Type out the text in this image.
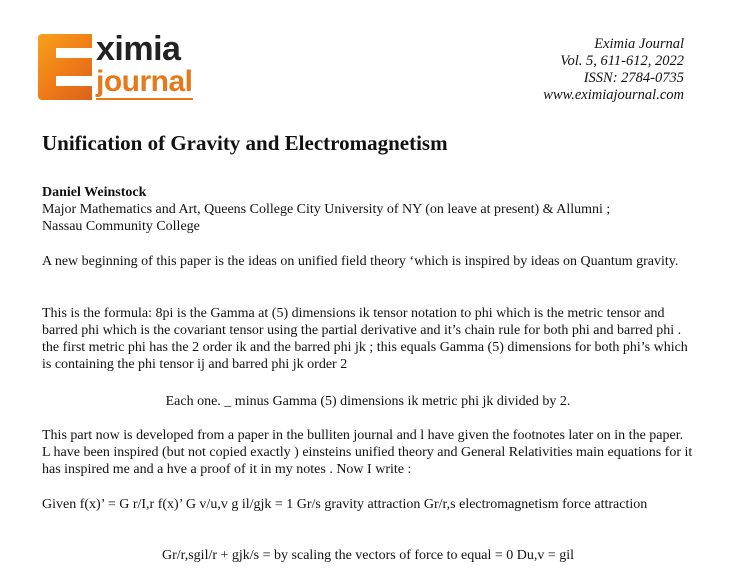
ximia
journal
Eximia Journal
Vol. 5, 611-612, 2022
ISSN: 2784-0735
www.eximiajournal.com
Unification of Gravity and Electromagnetism
Daniel Weinstock
Major Mathematics and Art, Queens College City University of NY (on leave at present) & Allumni ;
Nassau Community College

A new beginning of this paper is the ideas on unified field theory ‘which is inspired by ideas on Quantum gravity.

This is the formula: 8pi is the Gamma at (5) dimensions ik tensor notation to phi which is the metric tensor and barred phi which is the covariant tensor using the partial derivative and it’s chain rule for both phi and barred phi . the first metric phi has the 2 order ik and the barred phi jk ; this equals Gamma (5) dimensions for both phi’s which is containing the phi tensor ij and barred phi jk order 2

Each one. _ minus Gamma (5) dimensions ik metric phi jk divided by 2.

This part now is developed from a paper in the bulliten journal and l have given the footnotes later on in the paper. L have been inspired (but not copied exactly ) einsteins unified theory and General Relativities main equations for it has inspired me and a hve a proof of it in my notes . Now I write :

Given f(x)’ = G r/I,r f(x)’ G v/u,v g il/gjk = 1 Gr/s gravity attraction Gr/r,s electromagnetism force attraction

Gr/r,sgil/r + gjk/s = by scaling the vectors of force to equal = 0 Du,v = gil
